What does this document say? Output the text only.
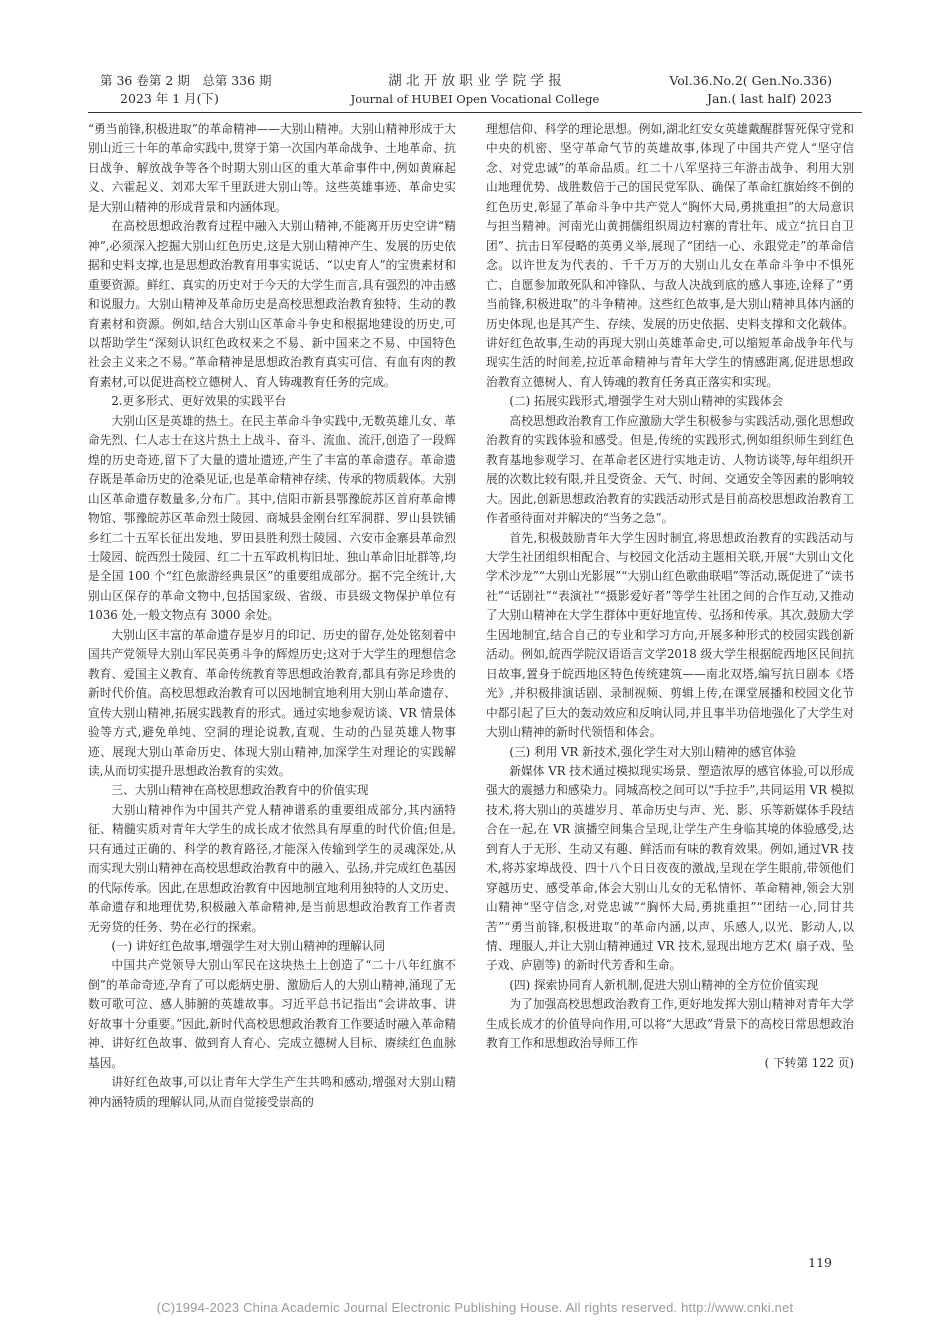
第 36 卷第 2 期　总第 336 期
2023 年 1 月(下)
湖 北 开 放 职 业 学 院 学 报
Journal of HUBEI Open Vocational College
Vol.36.No.2( Gen.No.336)
Jan.( last half) 2023

“勇当前锋,积极进取”的革命精神——大别山精神。大别山精神形成于大别山近三十年的革命实践中,贯穿于第一次国内革命战争、土地革命、抗日战争、解放战争等各个时期大别山区的重大革命事件中,例如黄麻起义、六霍起义、刘邓大军千里跃进大别山等。这些英雄事迹、革命史实是大别山精神的形成背景和内涵体现。

在高校思想政治教育过程中融入大别山精神,不能离开历史空讲“精神”,必须深入挖掘大别山红色历史,这是大别山精神产生、发展的历史依据和史料支撑,也是思想政治教育用事实说话、“以史育人”的宝贵素材和重要资源。鲜红、真实的历史对于今天的大学生而言,具有强烈的冲击感和说服力。大别山精神及革命历史是高校思想政治教育独特、生动的教育素材和资源。例如,结合大别山区革命斗争史和根据地建设的历史,可以帮助学生“深刻认识红色政权来之不易、新中国来之不易、中国特色社会主义来之不易。”革命精神是思想政治教育真实可信、有血有肉的教育素材,可以促进高校立德树人、育人铸魂教育任务的完成。

2.更多形式、更好效果的实践平台

大别山区是英雄的热土。在民主革命斗争实践中,无数英雄儿女、革命先烈、仁人志士在这片热土上战斗、奋斗、流血、流汗,创造了一段辉煌的历史奇迹,留下了大量的遗址遗迹,产生了丰富的革命遗存。革命遗存既是革命历史的沧桑见证,也是革命精神存续、传承的物质载体。大别山区革命遗存数量多,分布广。其中,信阳市新县鄂豫皖苏区首府革命博物馆、鄂豫皖苏区革命烈士陵园、商城县金刚台红军洞群、罗山县铁铺乡红二十五军长征出发地、罗田县胜利烈士陵园、六安市金寨县革命烈士陵园、皖西烈士陵园、红二十五军政机构旧址、独山革命旧址群等,均是全国 100 个“红色旅游经典景区”的重要组成部分。据不完全统计,大别山区保存的革命文物中,包括国家级、省级、市县级文物保护单位有1036 处,一般文物点有 3000 余处。

大别山区丰富的革命遗存是岁月的印记、历史的留存,处处铭刻着中国共产党领导大别山军民英勇斗争的辉煌历史;这对于大学生的理想信念教育、爱国主义教育、革命传统教育等思想政治教育,都具有弥足珍贵的新时代价值。高校思想政治教育可以因地制宜地利用大别山革命遗存、宣传大别山精神,拓展实践教育的形式。通过实地参观访谈、VR 情景体验等方式,避免单纯、空洞的理论说教,直观、生动的凸显英雄人物事迹、展现大别山革命历史、体现大别山精神,加深学生对理论的实践解读,从而切实提升思想政治教育的实效。

三、大别山精神在高校思想政治教育中的价值实现

大别山精神作为中国共产党人精神谱系的重要组成部分,其内涵特征、精髓实质对青年大学生的成长成才依然具有厚重的时代价值;但是,只有通过正确的、科学的教育路径,才能深入传输到学生的灵魂深处,从而实现大别山精神在高校思想政治教育中的融入、弘扬,并完成红色基因的代际传承。因此,在思想政治教育中因地制宜地利用独特的人文历史、革命遗存和地理优势,积极融入革命精神,是当前思想政治教育工作者责无旁贷的任务、势在必行的探索。

(一) 讲好红色故事,增强学生对大别山精神的理解认同

中国共产党领导大别山军民在这块热土上创造了“二十八年红旗不倒”的革命奇迹,孕育了可以彪炳史册、激励后人的大别山精神,涌现了无数可歌可泣、感人肺腑的英雄故事。习近平总书记指出“会讲故事、讲好故事十分重要。”因此,新时代高校思想政治教育工作要适时融入革命精神、讲好红色故事、做到育人育心、完成立德树人目标、赓续红色血脉基因。

讲好红色故事,可以让青年大学生产生共鸣和感动,增强对大别山精神内涵特质的理解认同,从而自觉接受崇高的

理想信仰、科学的理论思想。例如,湖北红安女英雄戴醒群誓死保守党和中央的机密、坚守革命气节的英雄故事,体现了中国共产党人“坚守信念、对党忠诚”的革命品质。红二十八军坚持三年游击战争、利用大别山地理优势、战胜数倍于己的国民党军队、确保了革命红旗始终不倒的红色历史,彰显了革命斗争中共产党人“胸怀大局,勇挑重担”的大局意识与担当精神。河南光山黄拥儒组织周边村寨的青壮年、成立“抗日自卫团”、抗击日军侵略的英勇义举,展现了“团结一心、永跟党走”的革命信念。以许世友为代表的、千千万万的大别山儿女在革命斗争中不惧死亡、自愿参加敢死队和冲锋队、与敌人决战到底的感人事迹,诠释了“勇当前锋,积极进取”的斗争精神。这些红色故事,是大别山精神具体内涵的历史体现,也是其产生、存续、发展的历史依据、史料支撑和文化载体。讲好红色故事,生动的再现大别山英雄革命史,可以缩短革命战争年代与现实生活的时间差,拉近革命精神与青年大学生的情感距离,促进思想政治教育立德树人、育人铸魂的教育任务真正落实和实现。

(二) 拓展实践形式,增强学生对大别山精神的实践体会

高校思想政治教育工作应激励大学生积极参与实践活动,强化思想政治教育的实践体验和感受。但是,传统的实践形式,例如组织师生到红色教育基地参观学习、在革命老区进行实地走访、人物访谈等,每年组织开展的次数比较有限,并且受资金、天气、时间、交通安全等因素的影响较大。因此,创新思想政治教育的实践活动形式是目前高校思想政治教育工作者亟待面对并解决的“当务之急”。

首先,积极鼓励青年大学生因时制宜,将思想政治教育的实践活动与大学生社团组织相配合、与校园文化活动主题相关联,开展“大别山文化学术沙龙”“大别山光影展”“大别山红色歌曲联唱”等活动,既促进了“读书社”“话剧社”“表演社”“摄影爱好者”等学生社团之间的合作互动,又推动了大别山精神在大学生群体中更好地宣传、弘扬和传承。其次,鼓励大学生因地制宜,结合自己的专业和学习方向,开展多种形式的校园实践创新活动。例如,皖西学院汉语语言文学2018 级大学生根据皖西地区民间抗日故事,置身于皖西地区特色传统建筑——南北双塔,编写抗日剧本《塔光》,并积极排演话剧、录制视频、剪辑上传,在课堂展播和校园文化节中都引起了巨大的轰动效应和反响认同,并且事半功倍地强化了大学生对大别山精神的新时代领悟和体会。

(三) 利用 VR 新技术,强化学生对大别山精神的感官体验

新媒体 VR 技术通过模拟现实场景、塑造浓厚的感官体验,可以形成强大的震撼力和感染力。同城高校之间可以“手拉手”,共同运用 VR 模拟技术,将大别山的英雄岁月、革命历史与声、光、影、乐等新媒体手段结合在一起,在 VR 演播空间集合呈现,让学生产生身临其境的体验感受,达到育人于无形、生动又有趣、鲜活而有味的教育效果。例如,通过VR 技术,将苏家埠战役、四十八个日日夜夜的激战,呈现在学生眼前,带领他们穿越历史、感受革命,体会大别山儿女的无私情怀、革命精神,领会大别山精神“坚守信念,对党忠诚”“胸怀大局,勇挑重担”“团结一心,同甘共苦”“勇当前锋,积极进取”的革命内涵,以声、乐感人,以光、影动人,以情、理服人,并让大别山精神通过 VR 技术,显现出地方艺术( 扇子戏、坠子戏、庐剧等) 的新时代芳香和生命。

(四) 探索协同育人新机制,促进大别山精神的全方位价值实现

为了加强高校思想政治教育工作,更好地发挥大别山精神对青年大学生成长成才的价值导向作用,可以将“大思政”背景下的高校日常思想政治教育工作和思想政治导师工作

( 下转第 122 页)

119
(C)1994-2023 China Academic Journal Electronic Publishing House. All rights reserved. http://www.cnki.net
